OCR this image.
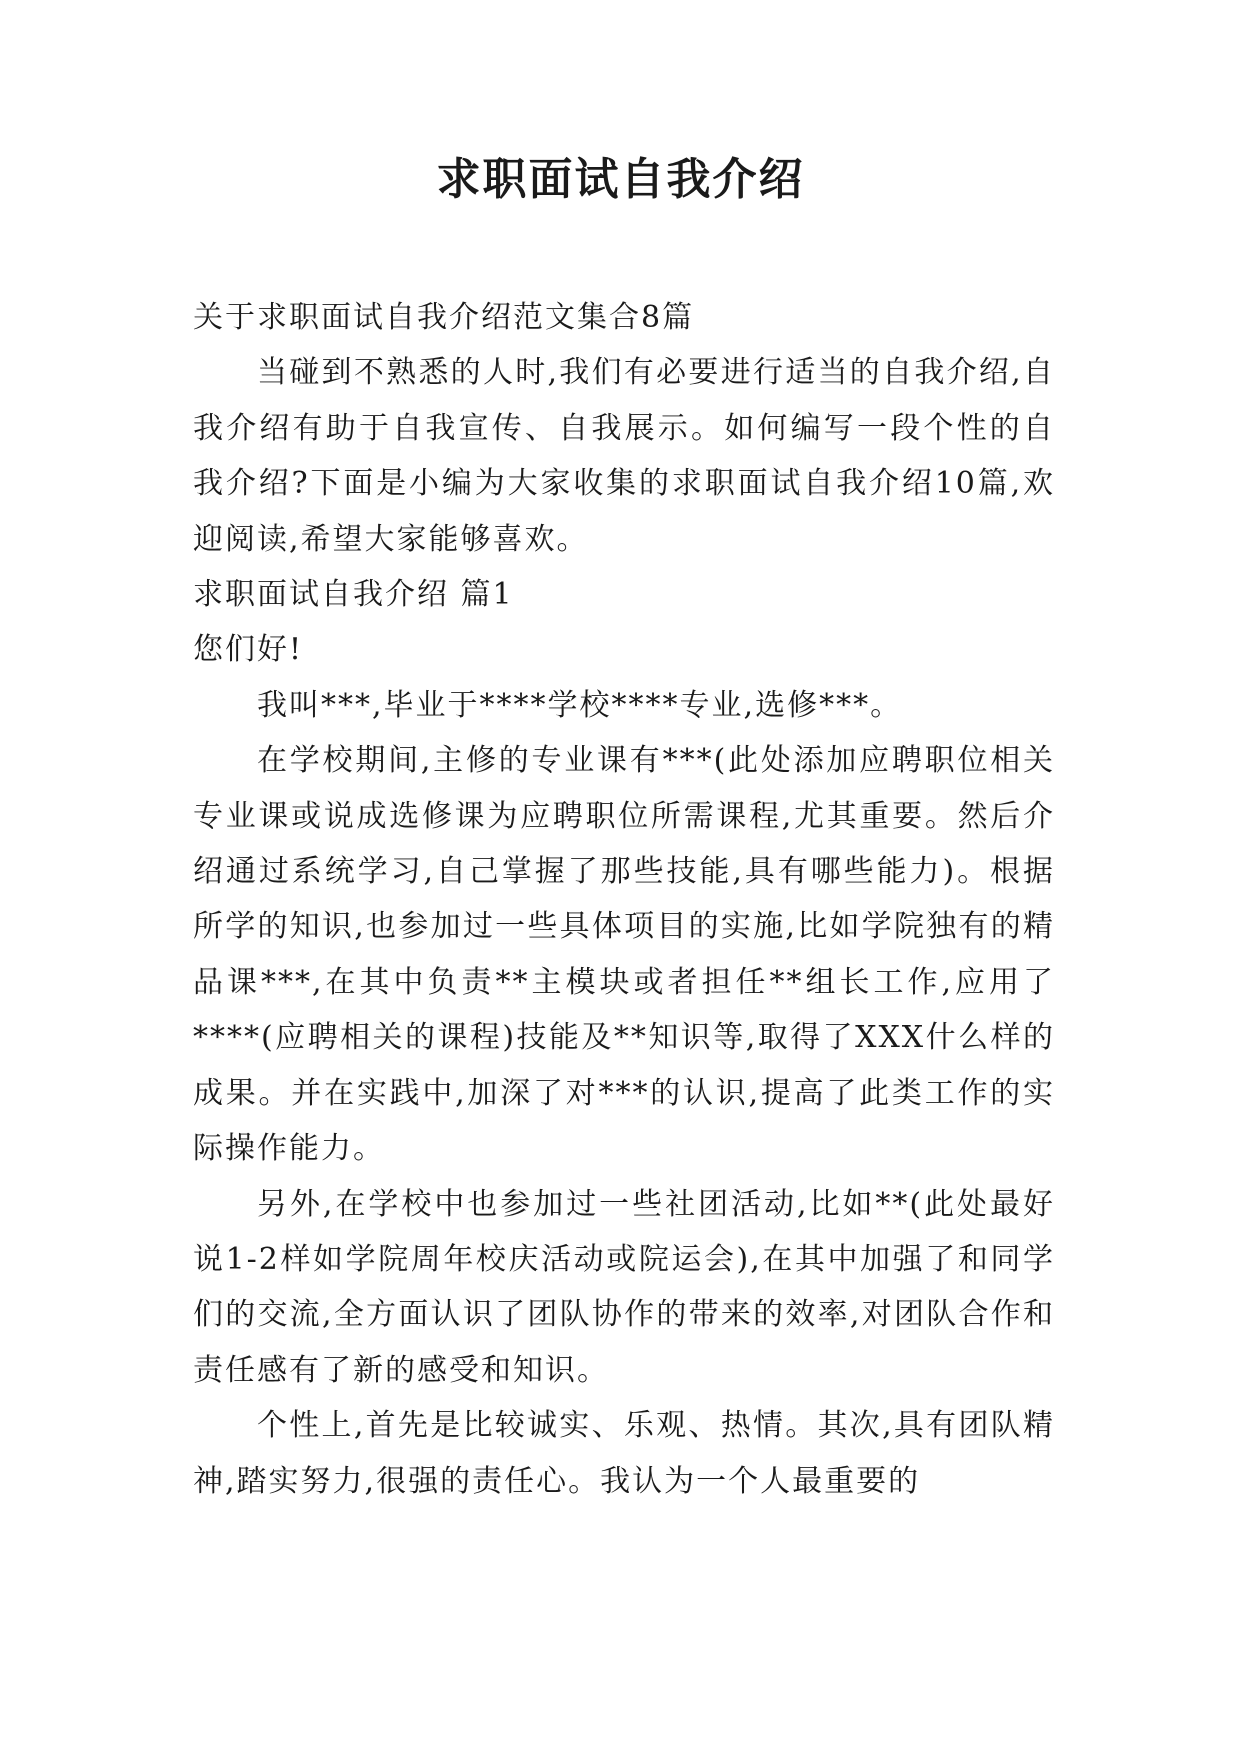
求职面试自我介绍

关于求职面试自我介绍范文集合8篇

当碰到不熟悉的人时,我们有必要进行适当的自我介绍,自我介绍有助于自我宣传、自我展示。如何编写一段个性的自我介绍?下面是小编为大家收集的求职面试自我介绍10篇,欢迎阅读,希望大家能够喜欢。

求职面试自我介绍 篇1

您们好!

我叫***,毕业于****学校****专业,选修***。

在学校期间,主修的专业课有***(此处添加应聘职位相关专业课或说成选修课为应聘职位所需课程,尤其重要。然后介绍通过系统学习,自己掌握了那些技能,具有哪些能力)。根据所学的知识,也参加过一些具体项目的实施,比如学院独有的精品课***,在其中负责**主模块或者担任**组长工作,应用了****(应聘相关的课程)技能及**知识等,取得了XXX什么样的成果。并在实践中,加深了对***的认识,提高了此类工作的实际操作能力。

另外,在学校中也参加过一些社团活动,比如**(此处最好说1-2样如学院周年校庆活动或院运会),在其中加强了和同学们的交流,全方面认识了团队协作的带来的效率,对团队合作和责任感有了新的感受和知识。

个性上,首先是比较诚实、乐观、热情。其次,具有团队精神,踏实努力,很强的责任心。我认为一个人最重要的
